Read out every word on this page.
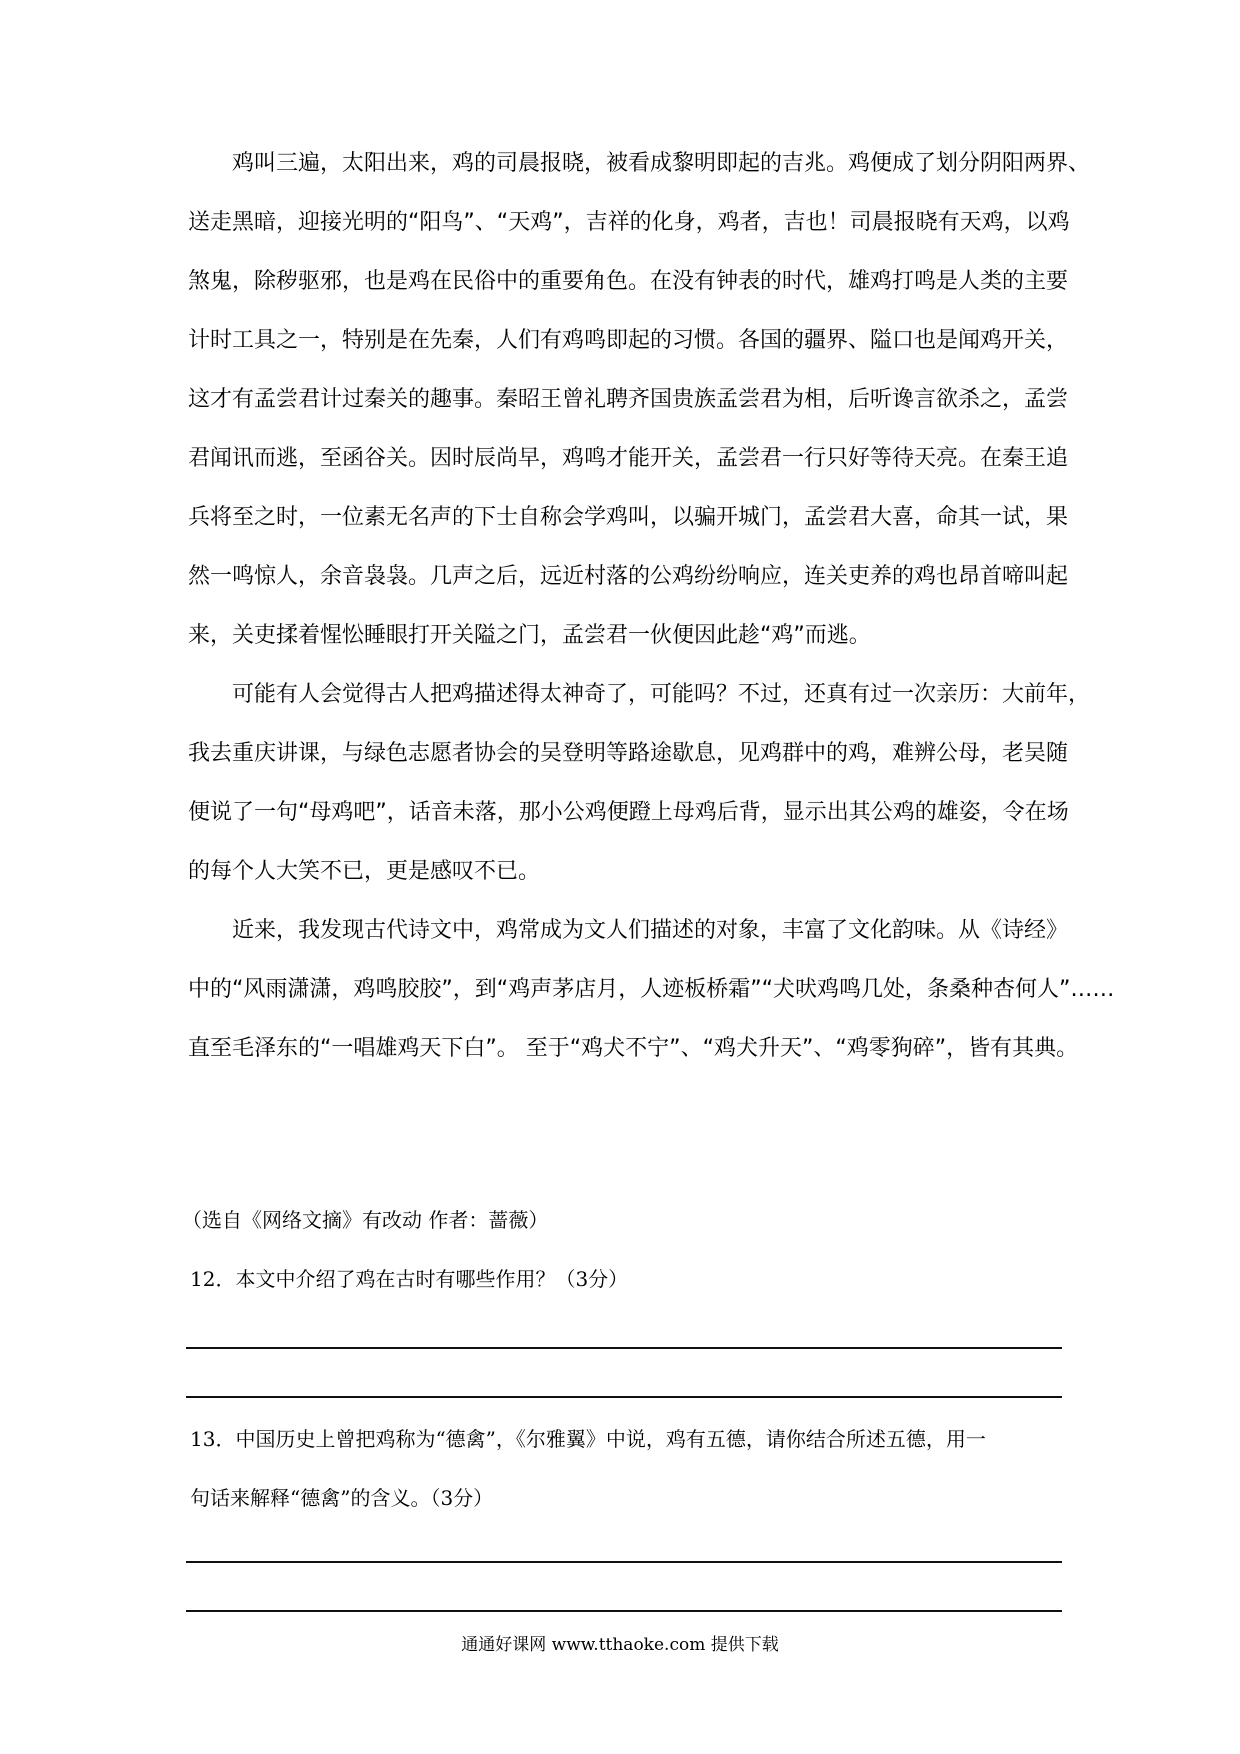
鸡叫三遍，太阳出来，鸡的司晨报晓，被看成黎明即起的吉兆。鸡便成了划分阴阳两界、
送走黑暗，迎接光明的“阳鸟”、“天鸡”，吉祥的化身，鸡者，吉也！司晨报晓有天鸡，以鸡
煞鬼，除秽驱邪，也是鸡在民俗中的重要角色。在没有钟表的时代，雄鸡打鸣是人类的主要
计时工具之一，特别是在先秦，人们有鸡鸣即起的习惯。各国的疆界、隘口也是闻鸡开关，
这才有孟尝君计过秦关的趣事。秦昭王曾礼聘齐国贵族孟尝君为相，后听谗言欲杀之，孟尝
君闻讯而逃，至函谷关。因时辰尚早，鸡鸣才能开关，孟尝君一行只好等待天亮。在秦王追
兵将至之时，一位素无名声的下士自称会学鸡叫，以骗开城门，孟尝君大喜，命其一试，果
然一鸣惊人，余音袅袅。几声之后，远近村落的公鸡纷纷响应，连关吏养的鸡也昂首啼叫起
来，关吏揉着惺忪睡眼打开关隘之门，孟尝君一伙便因此趁“鸡”而逃。
可能有人会觉得古人把鸡描述得太神奇了，可能吗？不过，还真有过一次亲历：大前年，
我去重庆讲课，与绿色志愿者协会的吴登明等路途歇息，见鸡群中的鸡，难辨公母，老吴随
便说了一句“母鸡吧”，话音未落，那小公鸡便蹬上母鸡后背，显示出其公鸡的雄姿，令在场
的每个人大笑不已，更是感叹不已。
近来，我发现古代诗文中，鸡常成为文人们描述的对象，丰富了文化韵味。从《诗经》
中的“风雨潇潇，鸡鸣胶胶”，到“鸡声茅店月，人迹板桥霜”“犬吠鸡鸣几处，条桑种杏何人”……
直至毛泽东的“一唱雄鸡天下白”。 至于“鸡犬不宁”、“鸡犬升天”、“鸡零狗碎”，皆有其典。
（选自《网络文摘》有改动 作者：蔷薇）
12．本文中介绍了鸡在古时有哪些作用？（3分）
13．中国历史上曾把鸡称为“德禽”，《尔雅翼》中说，鸡有五德，请你结合所述五德，用一
句话来解释“德禽”的含义。（3分）
通通好课网 www.tthaoke.com 提供下载
